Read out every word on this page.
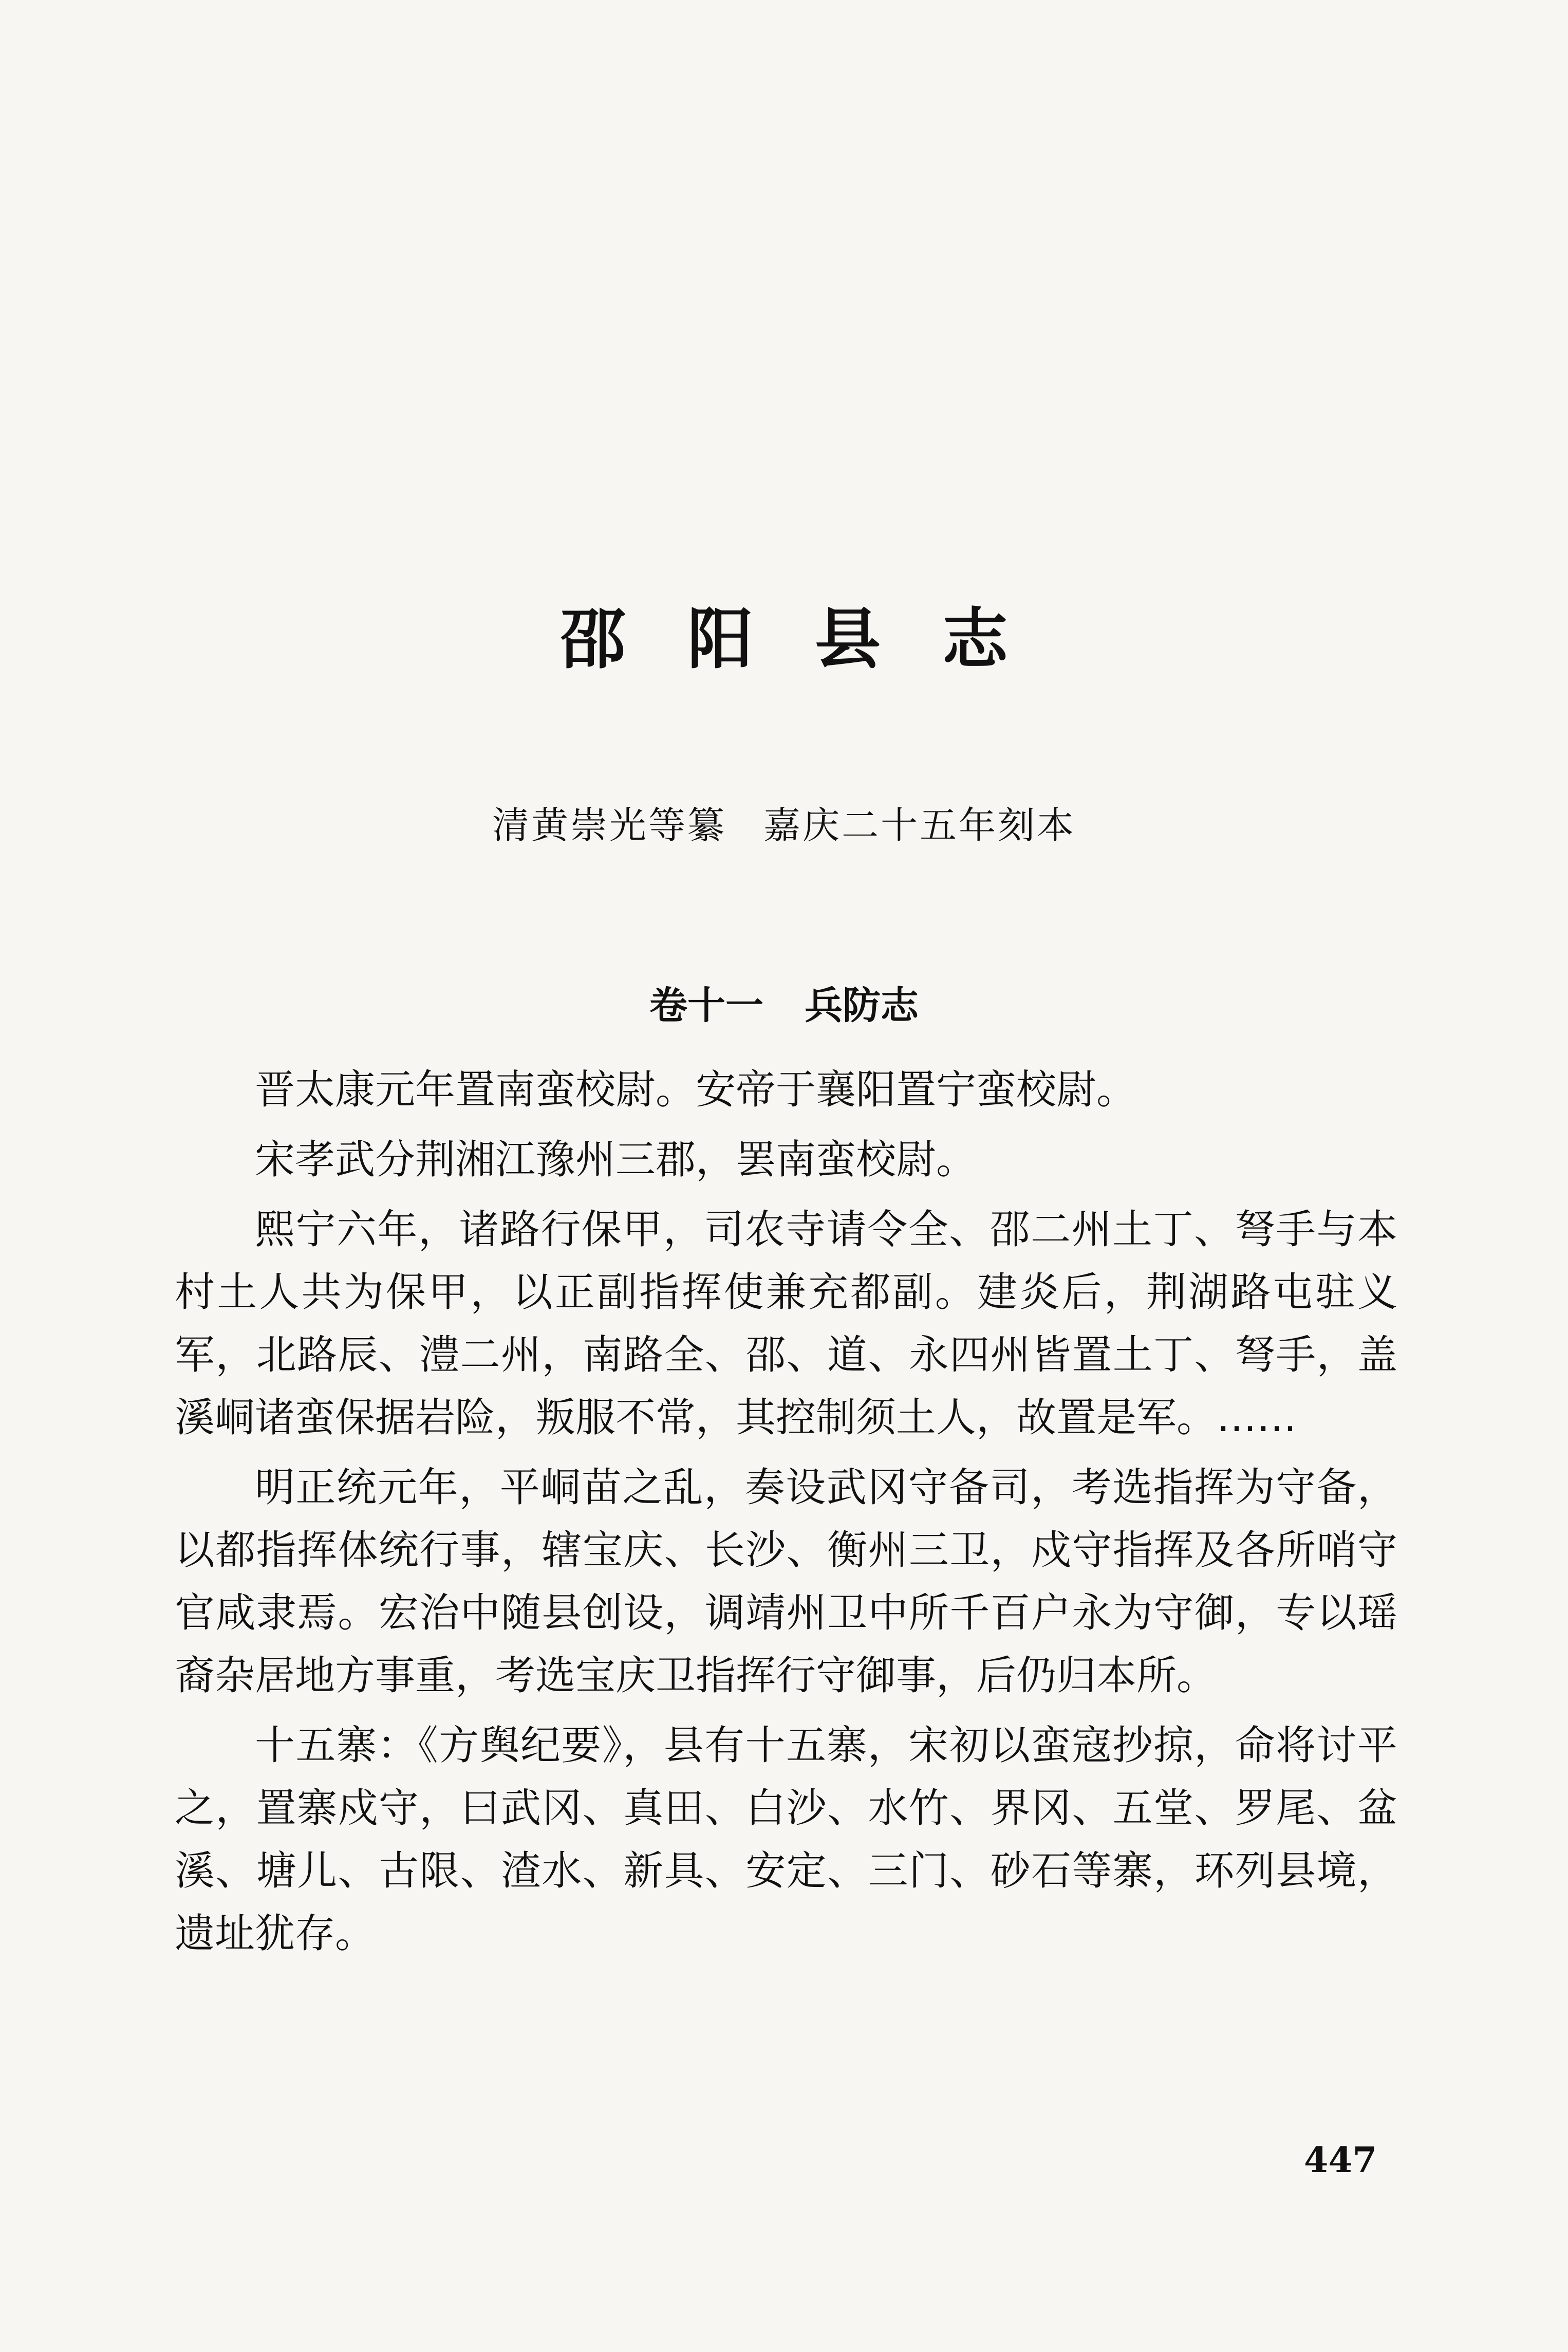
邵阳县志
清黄崇光等纂 嘉庆二十五年刻本
卷十一 兵防志

晋太康元年置南蛮校尉。安帝于襄阳置宁蛮校尉。

宋孝武分荆湘江豫州三郡，罢南蛮校尉。

熙宁六年，诸路行保甲，司农寺请令全、邵二州土丁、弩手与本村土人共为保甲，以正副指挥使兼充都副。建炎后，荆湖路屯驻义军，北路辰、澧二州，南路全、邵、道、永四州皆置土丁、弩手，盖溪峒诸蛮保据岩险，叛服不常，其控制须土人，故置是军。……

明正统元年，平峒苗之乱，奏设武冈守备司，考选指挥为守备，以都指挥体统行事，辖宝庆、长沙、衡州三卫，戍守指挥及各所哨守官咸隶焉。宏治中随县创设，调靖州卫中所千百户永为守御，专以瑶裔杂居地方事重，考选宝庆卫指挥行守御事，后仍归本所。

十五寨：《方舆纪要》，县有十五寨，宋初以蛮寇抄掠，命将讨平之，置寨戍守，曰武冈、真田、白沙、水竹、界冈、五堂、罗尾、盆溪、塘儿、古限、渣水、新具、安定、三门、砂石等寨，环列县境，遗址犹存。

447
